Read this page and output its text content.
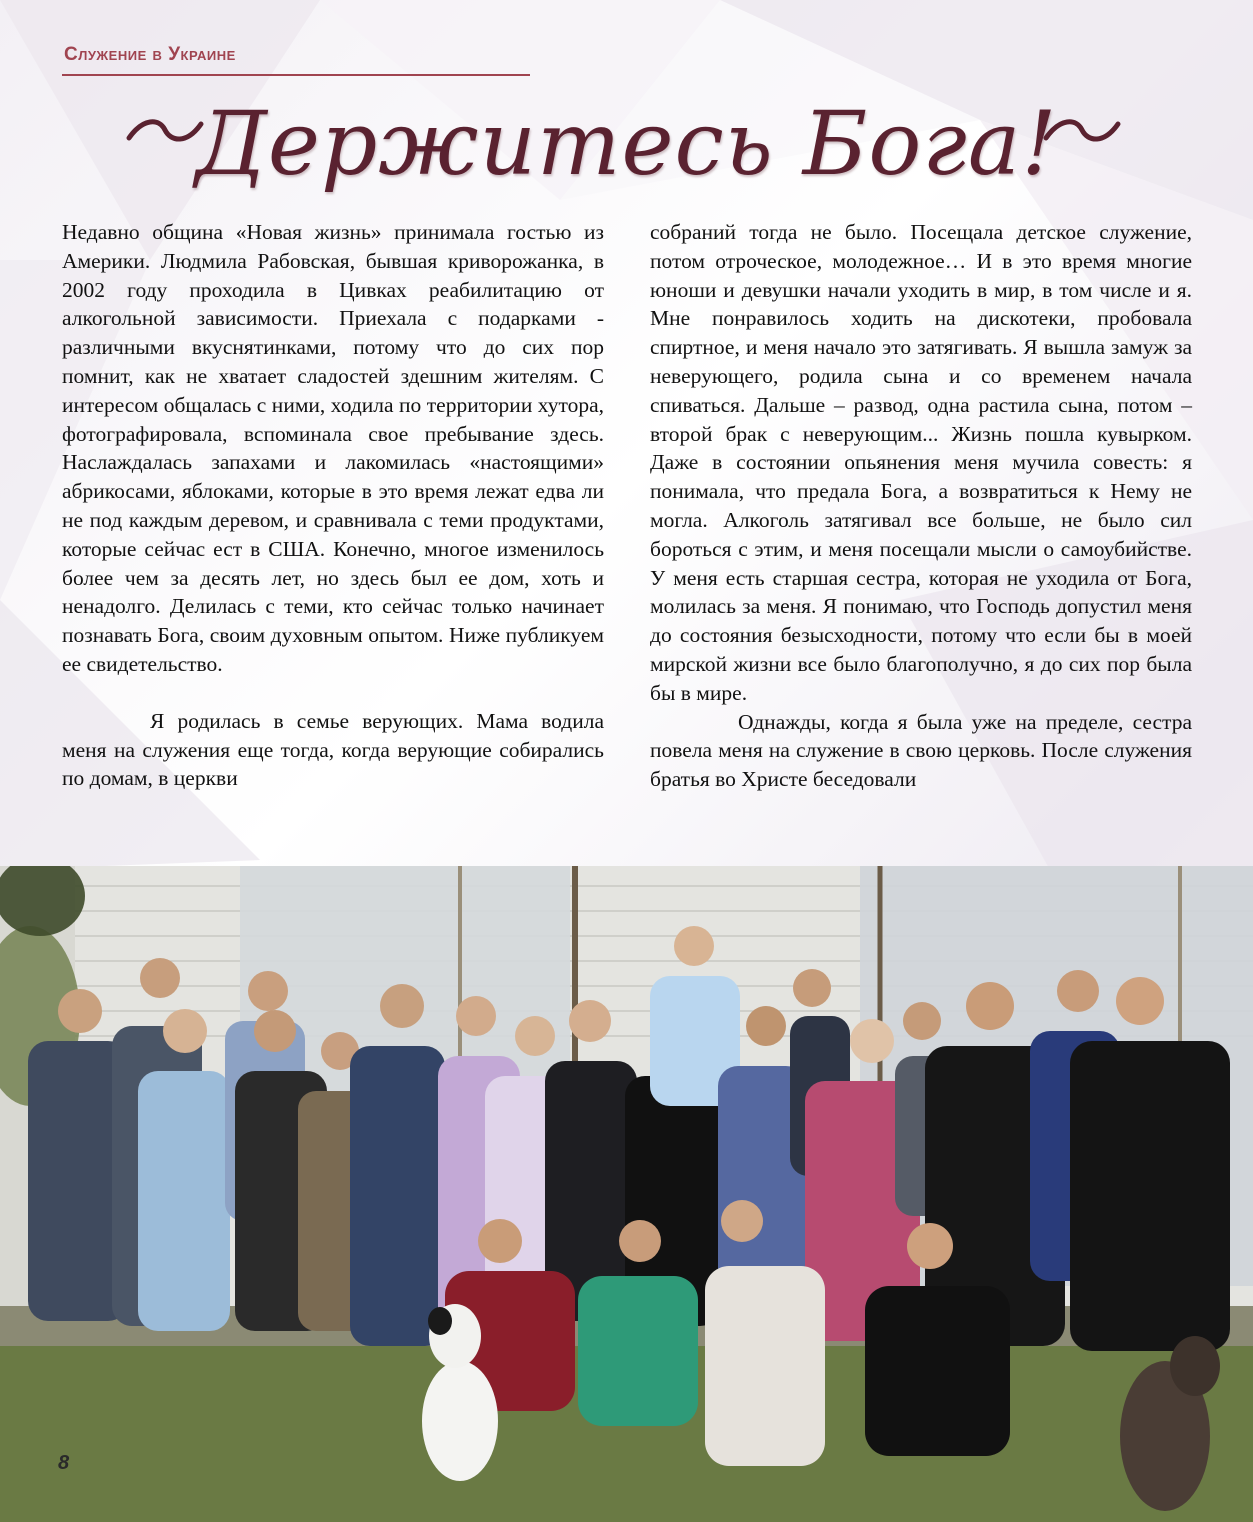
Служение в Украине
Держитесь Бога!

Недавно община «Новая жизнь» принимала гостью из Америки. Людмила Рабовская, бывшая криворожанка, в 2002 году проходила в Цивках реабилитацию от алкогольной зависимости. Приехала с подарками - различными вкуснятинками, потому что до сих пор помнит, как не хватает сладостей здешним жителям. С интересом общалась с ними, ходила по территории хутора, фотографировала, вспоминала свое пребывание здесь. Наслаждалась запахами и лакомилась «настоящими» абрикосами, яблоками, которые в это время лежат едва ли не под каждым деревом, и сравнивала с теми продуктами, которые сейчас ест в США. Конечно, многое изменилось более чем за десять лет, но здесь был ее дом, хоть и ненадолго. Делилась с теми, кто сейчас только начинает познавать Бога, своим духовным опытом. Ниже публикуем ее свидетельство.

Я родилась в семье верующих. Мама водила меня на служения еще тогда, когда верующие собирались по домам, в церкви

собраний тогда не было. Посещала детское служение, потом отроческое, молодежное… И в это время многие юноши и девушки начали уходить в мир, в том числе и я. Мне понравилось ходить на дискотеки, пробовала спиртное, и меня начало это затягивать. Я вышла замуж за неверующего, родила сына и со временем начала спиваться. Дальше – развод, одна растила сына, потом – второй брак с неверующим... Жизнь пошла кувырком. Даже в состоянии опьянения меня мучила совесть: я понимала, что предала Бога, а возвратиться к Нему не могла. Алкоголь затягивал все больше, не было сил бороться с этим, и меня посещали мысли о самоубийстве. У меня есть старшая сестра, которая не уходила от Бога, молилась за меня. Я понимаю, что Господь допустил меня до состояния безысходности, потому что если бы в моей мирской жизни все было благополучно, я до сих пор была бы в мире.

Однажды, когда я была уже на пределе, сестра повела меня на служение в свою церковь. После служения братья во Христе беседовали

8
